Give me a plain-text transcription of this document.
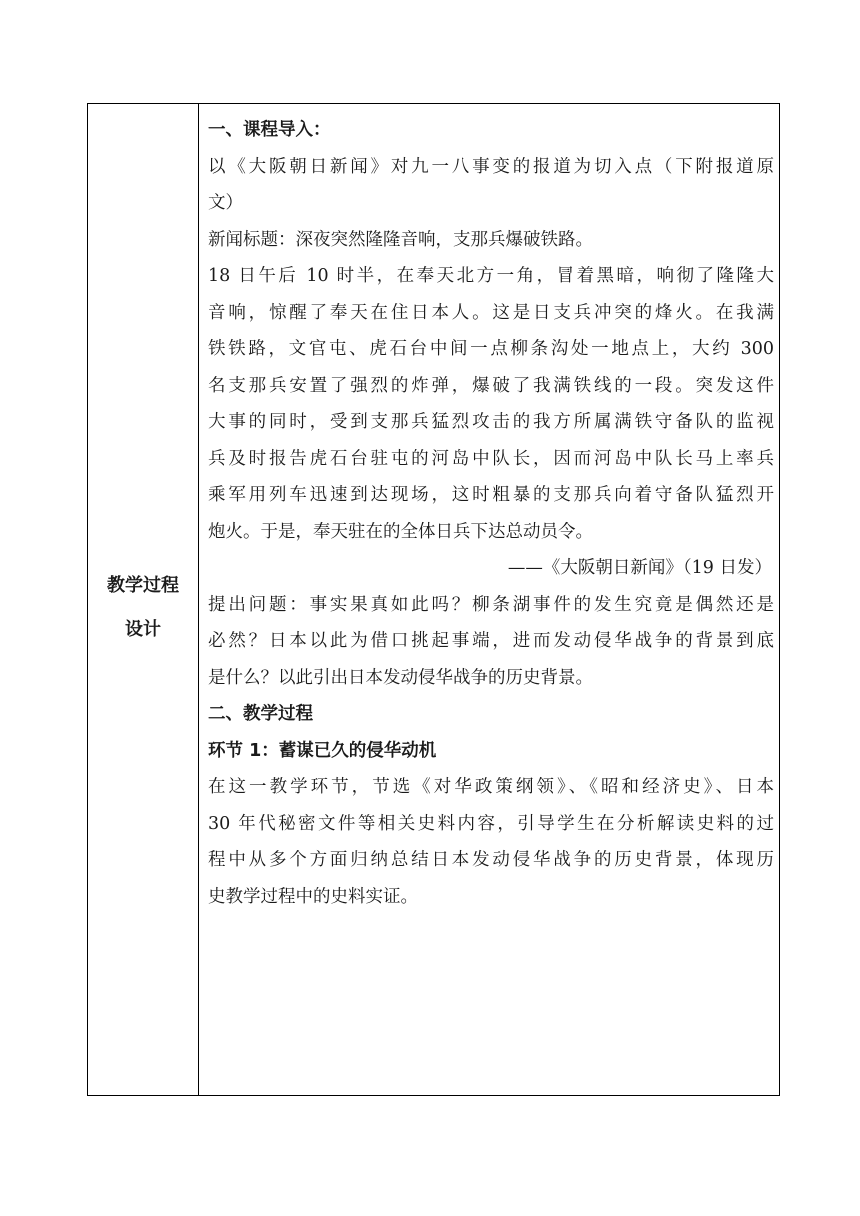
教学过程
设计

一、课程导入：

以《大阪朝日新闻》对九一八事变的报道为切入点（下附报道原
文）

新闻标题：深夜突然隆隆音响，支那兵爆破铁路。

18 日午后 10 时半，在奉天北方一角，冒着黑暗，响彻了隆隆大
音响，惊醒了奉天在住日本人。这是日支兵冲突的烽火。在我满
铁铁路，文官屯、虎石台中间一点柳条沟处一地点上，大约 300
名支那兵安置了强烈的炸弹，爆破了我满铁线的一段。突发这件
大事的同时，受到支那兵猛烈攻击的我方所属满铁守备队的监视
兵及时报告虎石台驻屯的河岛中队长，因而河岛中队长马上率兵
乘军用列车迅速到达现场，这时粗暴的支那兵向着守备队猛烈开
炮火。于是，奉天驻在的全体日兵下达总动员令。

——《大阪朝日新闻》（19 日发）

提出问题：事实果真如此吗？柳条湖事件的发生究竟是偶然还是
必然？日本以此为借口挑起事端，进而发动侵华战争的背景到底
是什么？以此引出日本发动侵华战争的历史背景。

二、教学过程

环节 1：蓄谋已久的侵华动机

在这一教学环节，节选《对华政策纲领》、《昭和经济史》、日本
30 年代秘密文件等相关史料内容，引导学生在分析解读史料的过
程中从多个方面归纳总结日本发动侵华战争的历史背景，体现历
史教学过程中的史料实证。
